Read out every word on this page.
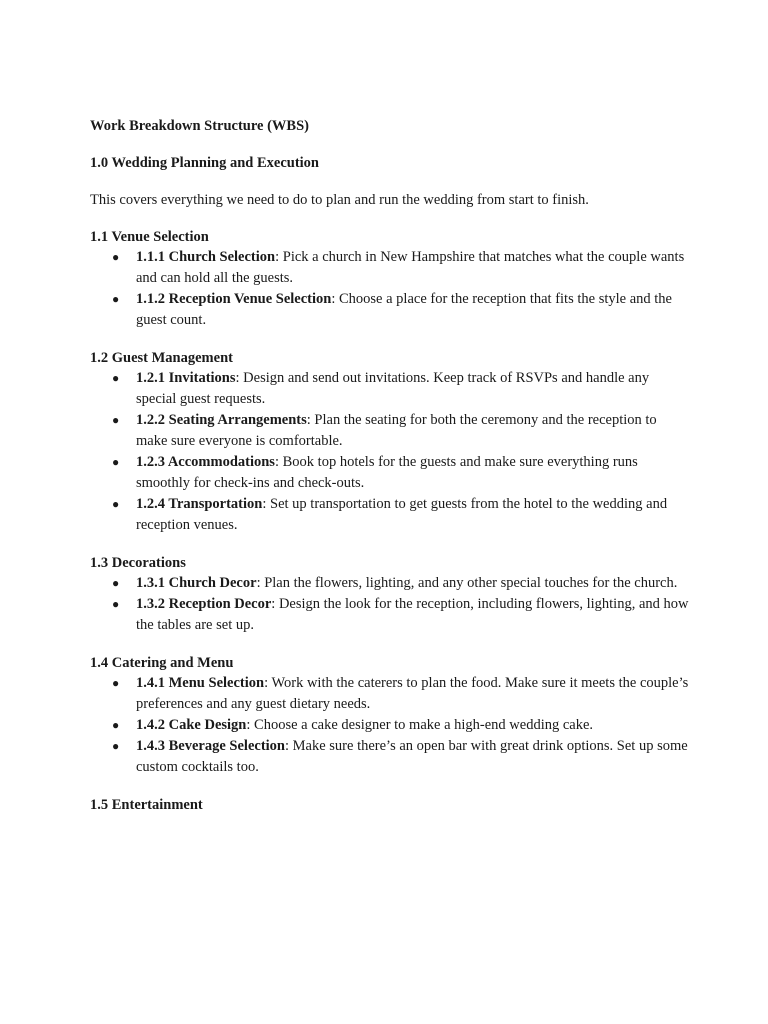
Work Breakdown Structure (WBS)

1.0 Wedding Planning and Execution

This covers everything we need to do to plan and run the wedding from start to finish.

1.1 Venue Selection

● 1.1.1 Church Selection: Pick a church in New Hampshire that matches what the couple wants and can hold all the guests.
● 1.1.2 Reception Venue Selection: Choose a place for the reception that fits the style and the guest count.

1.2 Guest Management

● 1.2.1 Invitations: Design and send out invitations. Keep track of RSVPs and handle any special guest requests.
● 1.2.2 Seating Arrangements: Plan the seating for both the ceremony and the reception to make sure everyone is comfortable.
● 1.2.3 Accommodations: Book top hotels for the guests and make sure everything runs smoothly for check-ins and check-outs.
● 1.2.4 Transportation: Set up transportation to get guests from the hotel to the wedding and reception venues.

1.3 Decorations

● 1.3.1 Church Decor: Plan the flowers, lighting, and any other special touches for the church.
● 1.3.2 Reception Decor: Design the look for the reception, including flowers, lighting, and how the tables are set up.

1.4 Catering and Menu

● 1.4.1 Menu Selection: Work with the caterers to plan the food. Make sure it meets the couple’s preferences and any guest dietary needs.
● 1.4.2 Cake Design: Choose a cake designer to make a high-end wedding cake.
● 1.4.3 Beverage Selection: Make sure there’s an open bar with great drink options. Set up some custom cocktails too.

1.5 Entertainment
